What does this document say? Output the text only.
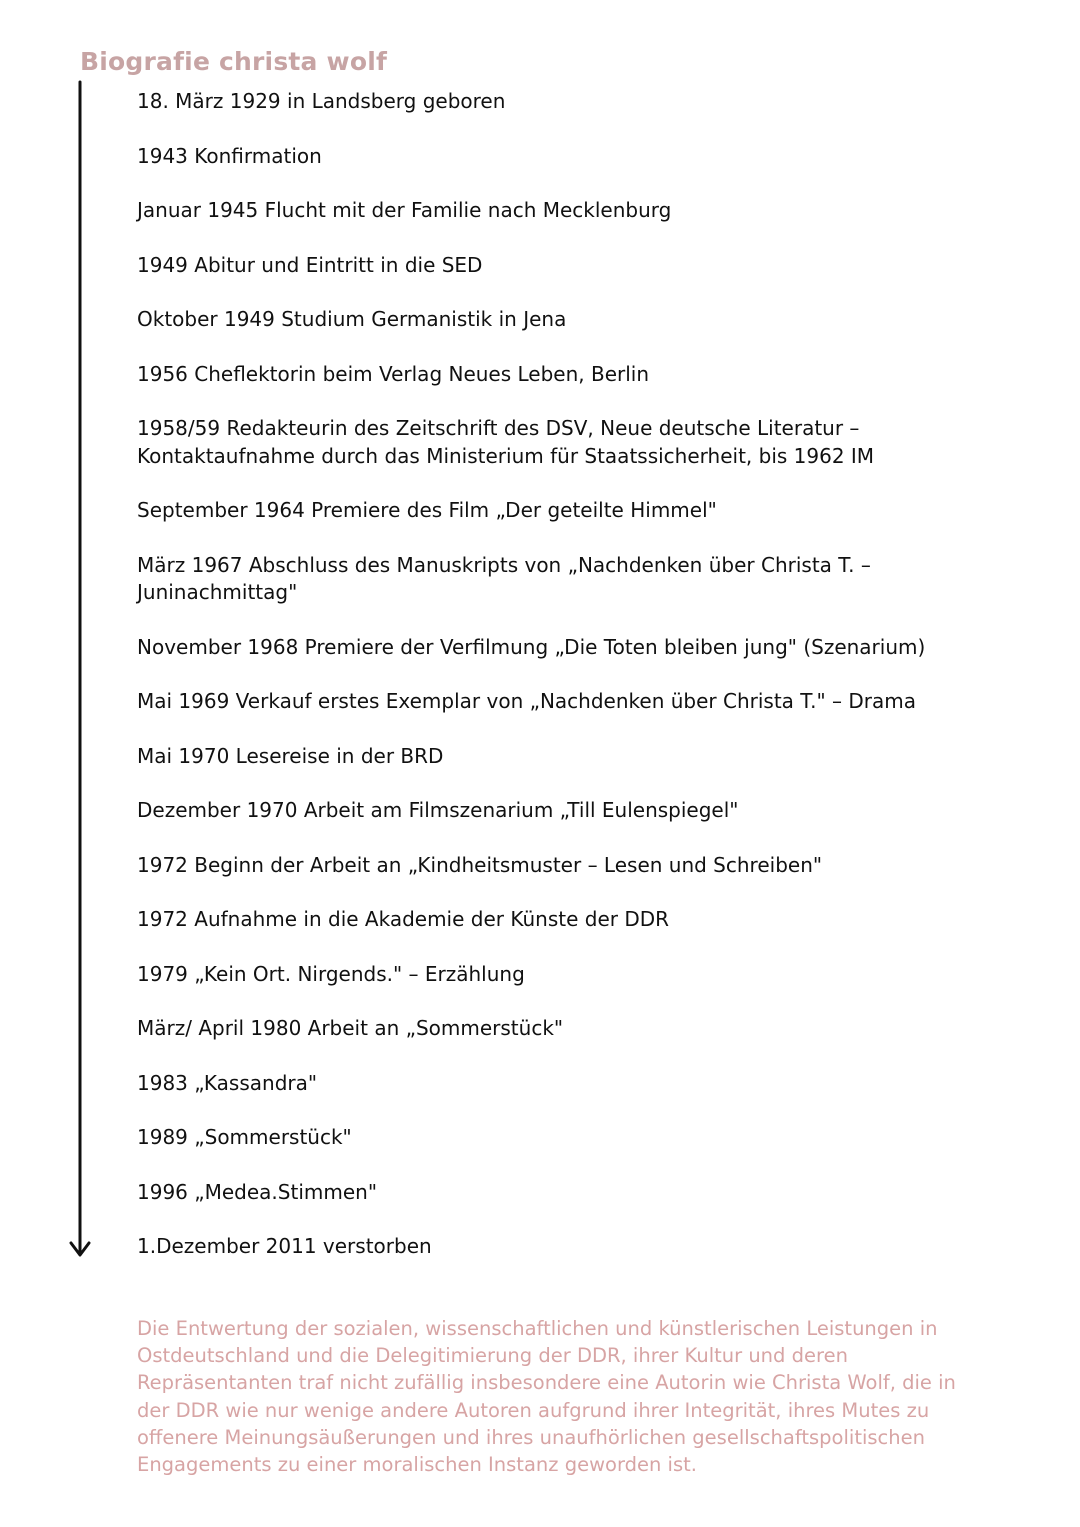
Biografie christa wolf
18. März 1929 in Landsberg geboren
1943 Konfirmation
Januar 1945 Flucht mit der Familie nach Mecklenburg
1949 Abitur und Eintritt in die SED
Oktober 1949 Studium Germanistik in Jena
1956 Cheflektorin beim Verlag Neues Leben, Berlin
1958/59 Redakteurin des Zeitschrift des DSV, Neue deutsche Literatur – Kontaktaufnahme durch das Ministerium für Staatssicherheit, bis 1962 IM
September 1964 Premiere des Film „Der geteilte Himmel"
März 1967 Abschluss des Manuskripts von „Nachdenken über Christa T. – Juninachmittag"
November 1968 Premiere der Verfilmung „Die Toten bleiben jung" (Szenarium)
Mai 1969 Verkauf erstes Exemplar von „Nachdenken über Christa T." – Drama
Mai 1970 Lesereise in der BRD
Dezember 1970 Arbeit am Filmszenarium „Till Eulenspiegel"
1972 Beginn der Arbeit an „Kindheitsmuster – Lesen und Schreiben"
1972 Aufnahme in die Akademie der Künste der DDR
1979 „Kein Ort. Nirgends." – Erzählung
März/ April 1980 Arbeit an „Sommerstück"
1983 „Kassandra"
1989 „Sommerstück"
1996 „Medea.Stimmen"
1.Dezember 2011 verstorben

Die Entwertung der sozialen, wissenschaftlichen und künstlerischen Leistungen in Ostdeutschland und die Delegitimierung der DDR, ihrer Kultur und deren Repräsentanten traf nicht zufällig insbesondere eine Autorin wie Christa Wolf, die in der DDR wie nur wenige andere Autoren aufgrund ihrer Integrität, ihres Mutes zu offenere Meinungsäußerungen und ihres unaufhörlichen gesellschaftspolitischen Engagements zu einer moralischen Instanz geworden ist.
